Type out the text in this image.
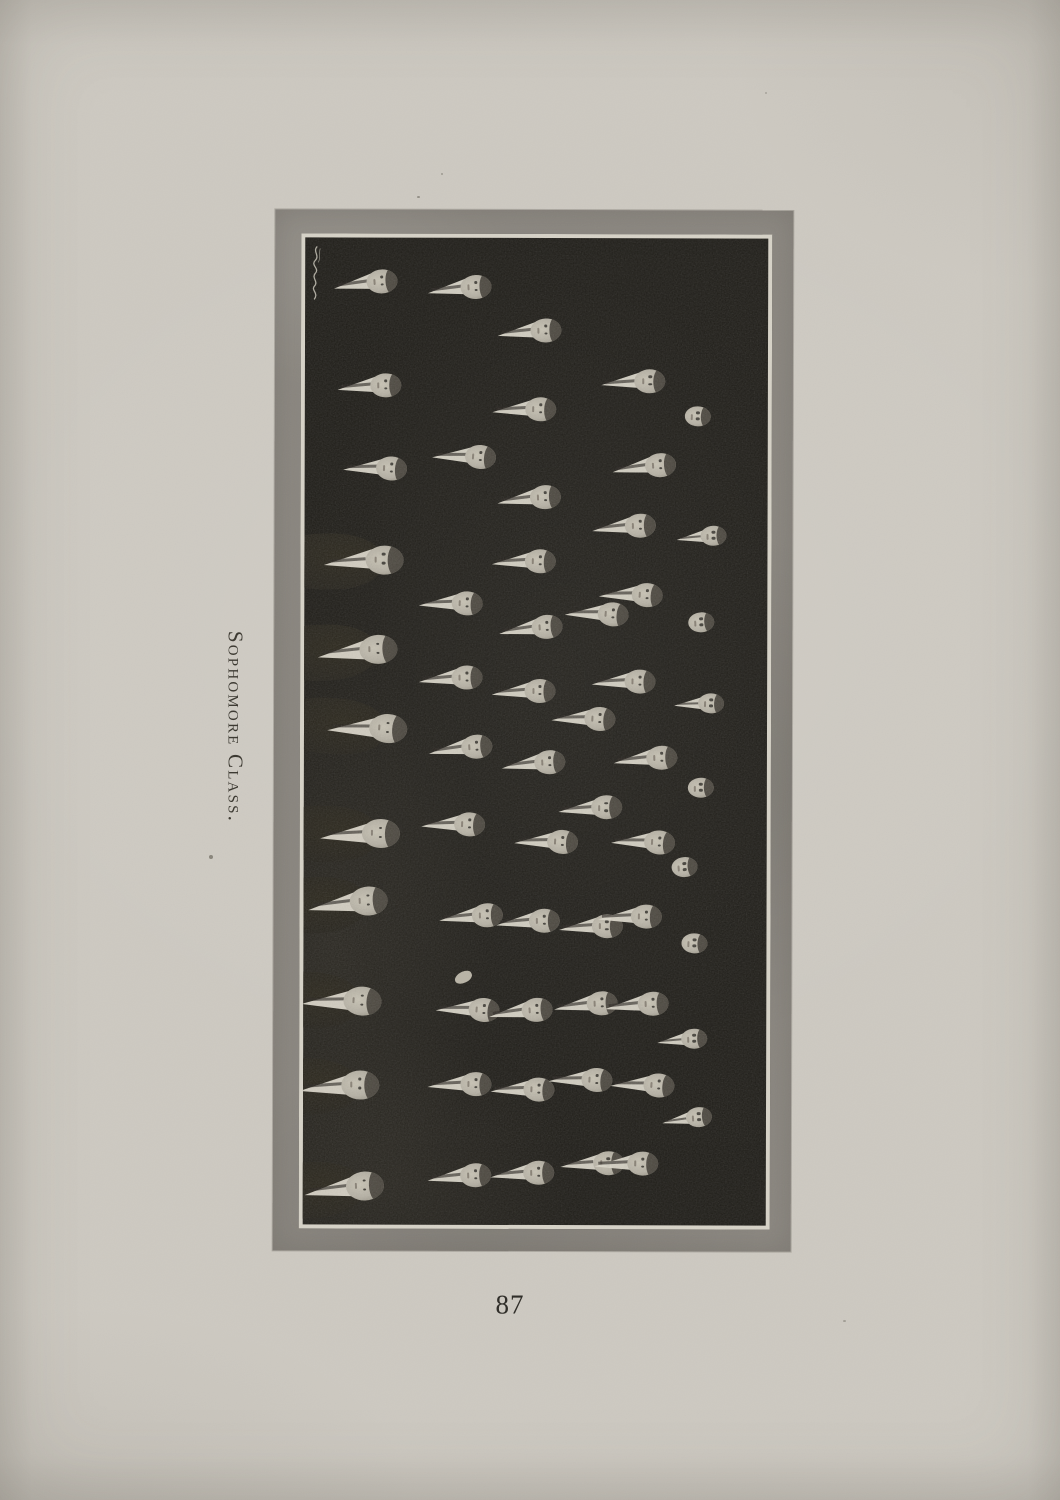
Sophomore Class.
87
